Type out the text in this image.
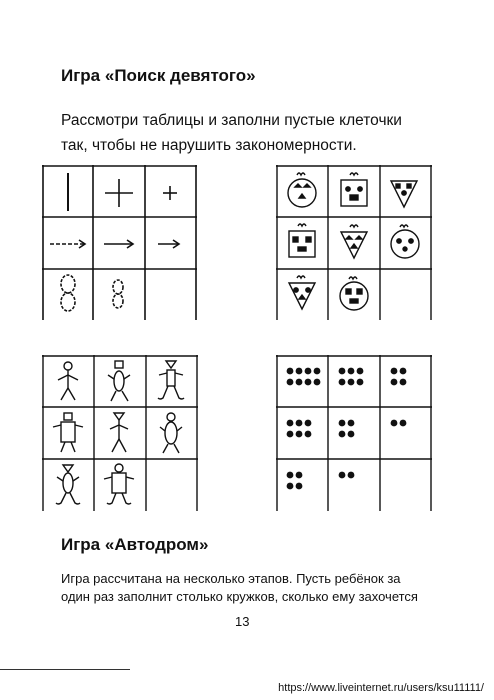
Игра «Поиск девятого»
Рассмотри таблицы и заполни пустые клеточки
так, чтобы не нарушить закономерности.
Игра «Автодром»
Игра рассчитана на несколько этапов. Пусть ребёнок за
один раз заполнит столько кружков, сколько ему захочется
13
https://www.liveinternet.ru/users/ksu11111/
